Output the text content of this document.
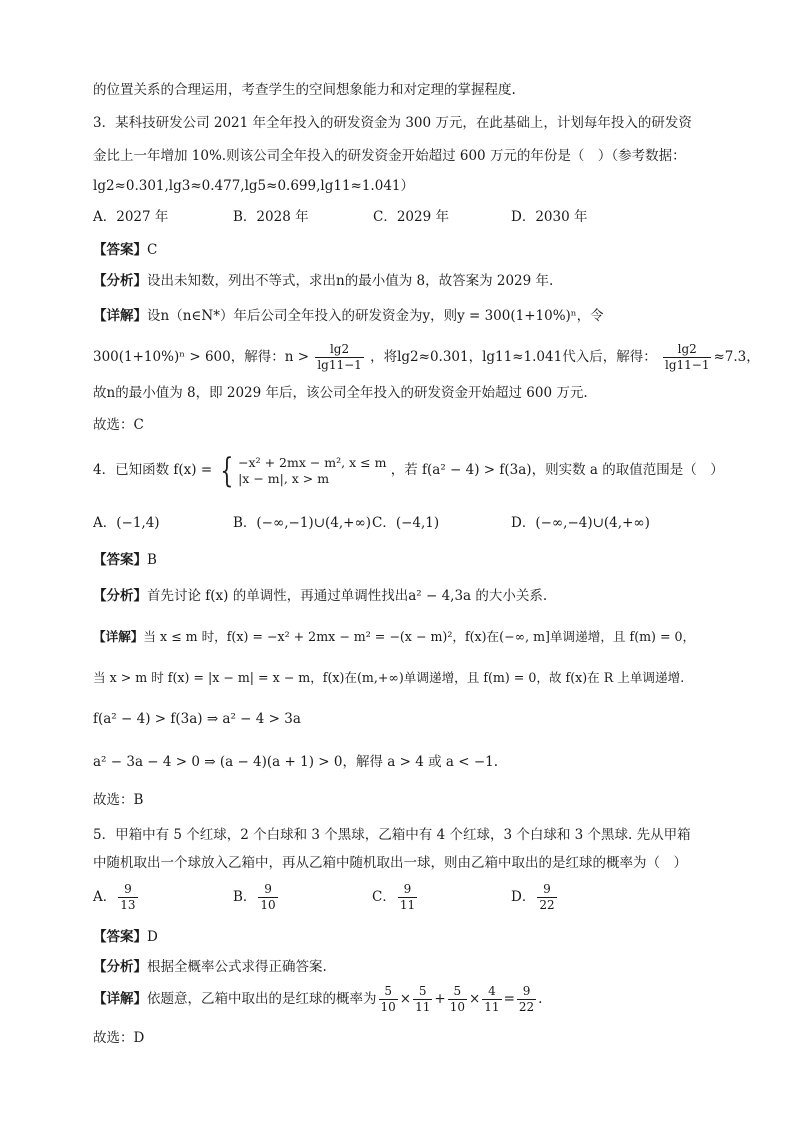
的位置关系的合理运用，考查学生的空间想象能力和对定理的掌握程度.
3．某科技研发公司 2021 年全年投入的研发资金为 300 万元，在此基础上，计划每年投入的研发资
金比上一年增加 10%.则该公司全年投入的研发资金开始超过 600 万元的年份是（　）（参考数据：
lg2≈0.301,lg3≈0.477,lg5≈0.699,lg11≈1.041）
A．2027 年	B．2028 年	C．2029 年	D．2030 年
【答案】C
【分析】设出未知数，列出不等式，求出n的最小值为 8，故答案为 2029 年.
【详解】设n（n∈N*）年后公司全年投入的研发资金为y，则y = 300(1+10%)ⁿ，令
300(1+10%)ⁿ > 600，解得：$n > \frac{\lg 2}{\lg 11-1}$ ，将lg2≈0.301，lg11≈1.041代入后，解得： $\frac{\lg 2}{\lg 11-1} \approx 7.3$，
故n的最小值为 8，即 2029 年后，该公司全年投入的研发资金开始超过 600 万元.
故选：C
4．已知函数 f(x) = { −x² + 2mx − m², x ≤ m
|x − m|, x > m	，若 f(a² − 4) > f(3a)，则实数 a 的取值范围是（　）
A．(−1,4)	B．(−∞,−1)∪(4,+∞) C．(−4,1)	D．(−∞,−4)∪(4,+∞)
【答案】B
【分析】首先讨论 f(x) 的单调性，再通过单调性找出a² − 4,3a 的大小关系.
【详解】当 x ≤ m 时，f(x) = −x² + 2mx − m² = −(x − m)²，f(x)在(−∞, m]单调递增，且 f(m) = 0，
当 x > m 时 f(x) = |x − m| = x − m，f(x)在(m,+∞)单调递增，且 f(m) = 0，故 f(x)在 R 上单调递增.
f(a² − 4) > f(3a) ⇒ a² − 4 > 3a
a² − 3a − 4 > 0 ⇒ (a − 4)(a + 1) > 0，解得 a > 4 或 a < −1.
故选：B
5．甲箱中有 5 个红球，2 个白球和 3 个黑球，乙箱中有 4 个红球，3 个白球和 3 个黑球. 先从甲箱
中随机取出一个球放入乙箱中，再从乙箱中随机取出一球，则由乙箱中取出的是红球的概率为（　）
A． $\frac{9}{13}$	B． $\frac{9}{10}$	C． $\frac{9}{11}$	D． $\frac{9}{22}$
【答案】D
【分析】根据全概率公式求得正确答案.
【详解】依题意，乙箱中取出的是红球的概率为 $\frac{5}{10} \times \frac{5}{11} + \frac{5}{10} \times \frac{4}{11} = \frac{9}{22}$ .
故选：D
